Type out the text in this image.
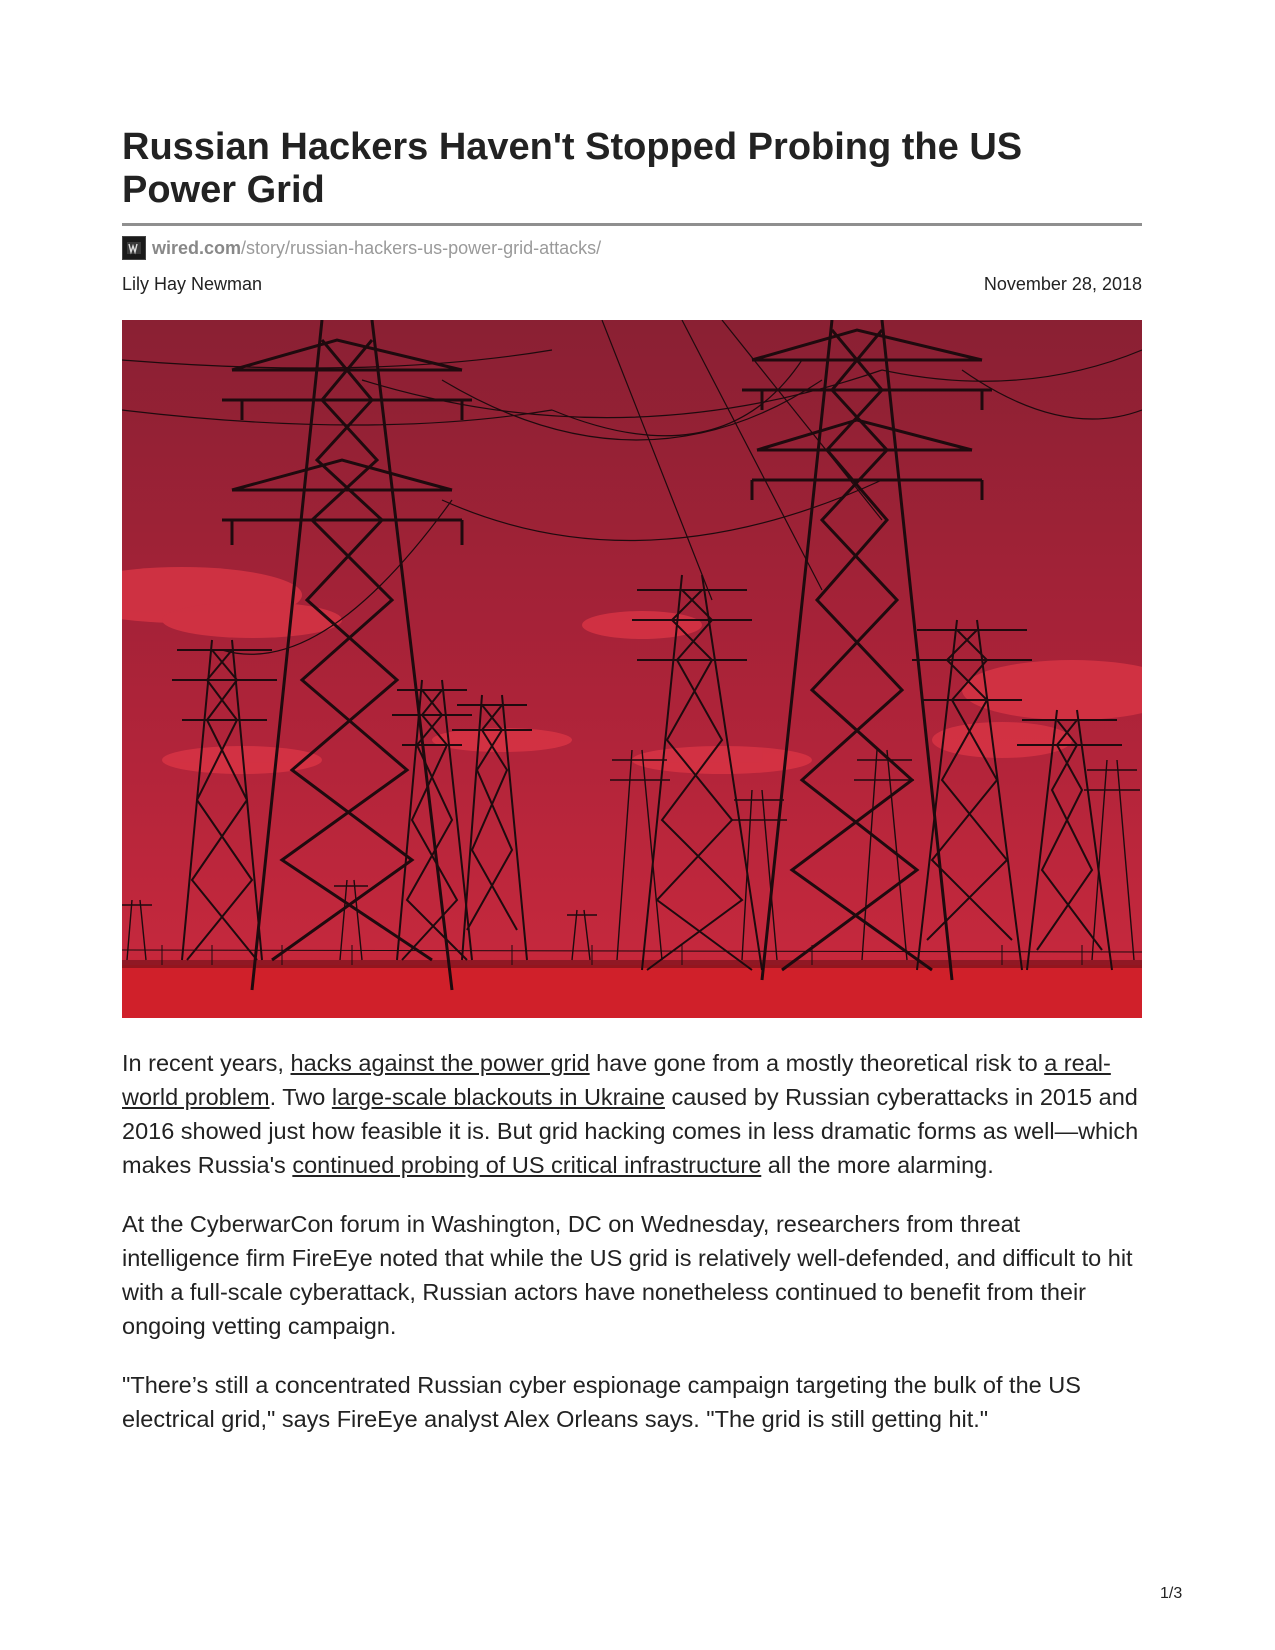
Russian Hackers Haven't Stopped Probing the US Power Grid
wired.com /story/russian-hackers-us-power-grid-attacks/
Lily Hay Newman	November 28, 2018

In recent years, hacks against the power grid have gone from a mostly theoretical risk to a real-world problem. Two large-scale blackouts in Ukraine caused by Russian cyberattacks in 2015 and 2016 showed just how feasible it is. But grid hacking comes in less dramatic forms as well—which makes Russia's continued probing of US critical infrastructure all the more alarming.

At the CyberwarCon forum in Washington, DC on Wednesday, researchers from threat intelligence firm FireEye noted that while the US grid is relatively well-defended, and difficult to hit with a full-scale cyberattack, Russian actors have nonetheless continued to benefit from their ongoing vetting campaign.

"There’s still a concentrated Russian cyber espionage campaign targeting the bulk of the US electrical grid," says FireEye analyst Alex Orleans says. "The grid is still getting hit."

1/3
